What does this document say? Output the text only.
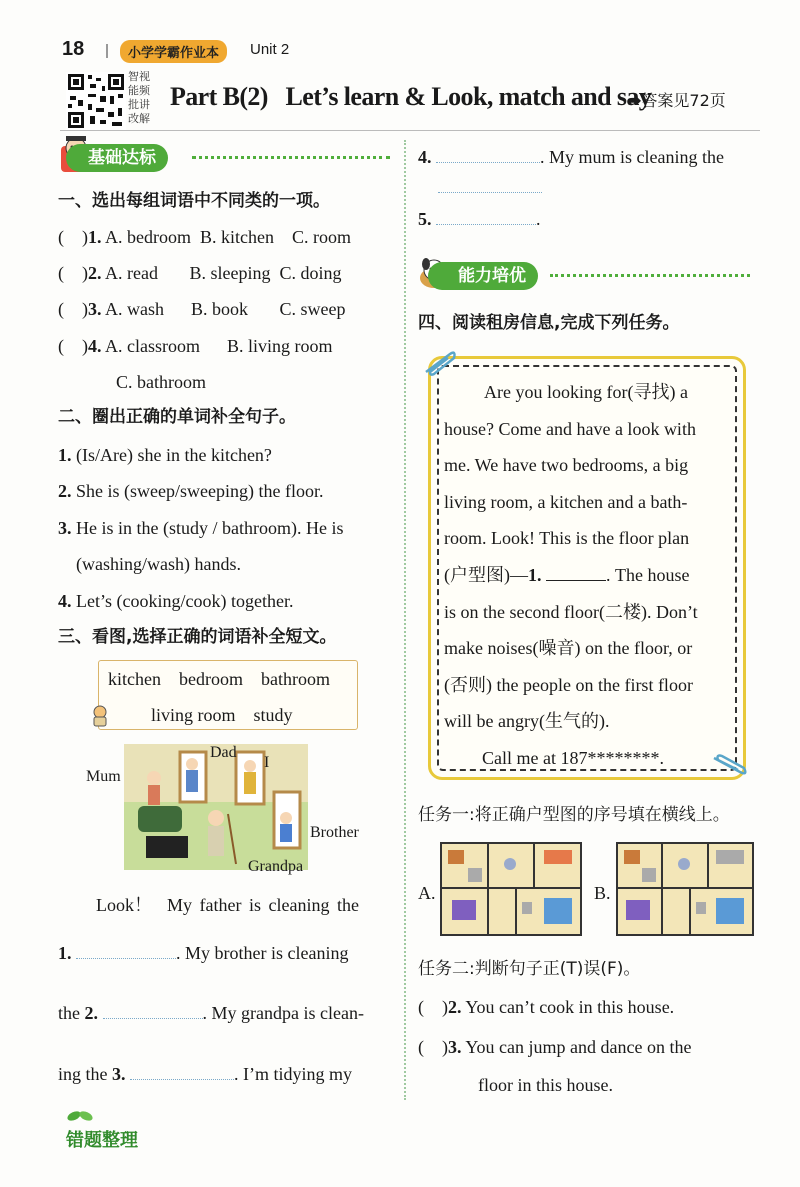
18	小学学霸作业本	Unit 2
智视
能频
批讲
改解
Part B(2)   Let’s learn & Look, match and say
➡答案见72页
基础达标
一、选出每组词语中不同类的一项。
(    )1. A. bedroom  B. kitchen    C. room
(    )2. A. read       B. sleeping  C. doing
(    )3. A. wash      B. book       C. sweep
(    )4. A. classroom      B. living room
C. bathroom
二、圈出正确的单词补全句子。
1. (Is/Are) she in the kitchen?
2. She is (sweep/sweeping) the floor.
3. He is in the (study / bathroom). He is
(washing/wash) hands.
4. Let’s (cooking/cook) together.
三、看图,选择正确的词语补全短文。
kitchen    bedroom    bathroom
living room    study
Mum
Dad
I
Brother
Grandpa
Look！  My father is cleaning the
1.	. My brother is cleaning
the 2.	. My grandpa is clean-
ing the 3.	. I’m tidying my
4.	. My mum is cleaning the
5.	.
能力培优
四、阅读租房信息,完成下列任务。
Are you looking for(寻找) a
house? Come and have a look with
me. We have two bedrooms, a big
living room, a kitchen and a bath-
room. Look! This is the floor plan
(户型图)—1.	. The house
is on the second floor(二楼). Don’t
make noises(噪音) on the floor, or
(否则) the people on the first floor
will be angry(生气的).
Call me at 187********.
任务一:将正确户型图的序号填在横线上。
A.	B.
任务二:判断句子正(T)误(F)。
(    )2. You can’t cook in this house.
(    )3. You can jump and dance on the
floor in this house.
错题整理
